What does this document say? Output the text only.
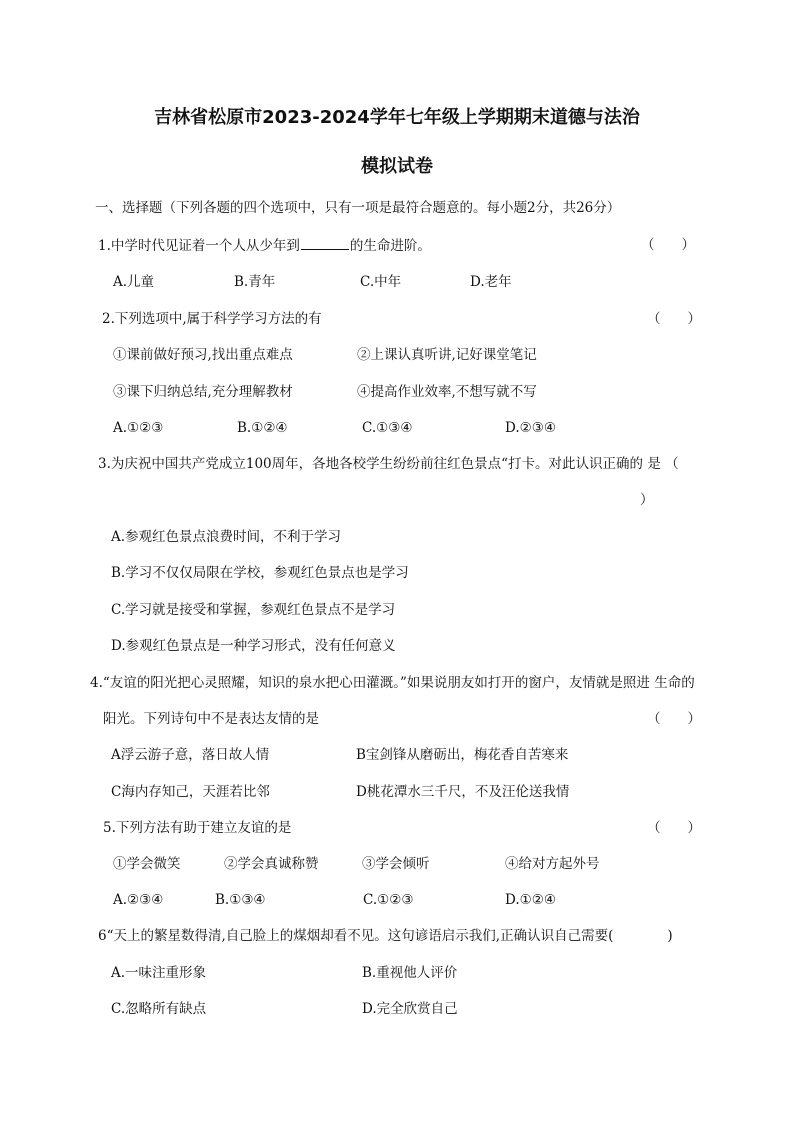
吉林省松原市2023-2024学年七年级上学期期末道德与法治
模拟试卷
一、选择题（下列各题的四个选项中，只有一项是最符合题意的。每小题2分，共26分）
1.中学时代见证着一个人从少年到	的生命进阶。	（　　）
A.儿童	B.青年	C.中年	D.老年
2.下列选项中,属于科学学习方法的有	（　　）
①课前做好预习,找出重点难点	②上课认真听讲,记好课堂笔记
③课下归纳总结,充分理解教材	④提高作业效率,不想写就不写
A.①②③	B.①②④	C.①③④	D.②③④
3.为庆祝中国共产党成立100周年，各地各校学生纷纷前往红色景点“打卡。对此认识正确的 是 （
）
A.参观红色景点浪费时间，不利于学习
B.学习不仅仅局限在学校，参观红色景点也是学习
C.学习就是接受和掌握，参观红色景点不是学习
D.参观红色景点是一种学习形式，没有任何意义
4.“友谊的阳光把心灵照耀，知识的泉水把心田灌溉。”如果说朋友如打开的窗户，友情就是照进 生命的
阳光。下列诗句中不是表达友情的是	（　　）
A浮云游子意，落日故人情	B宝剑锋从磨砺出，梅花香自苦寒来
C海内存知己，天涯若比邻	D桃花潭水三千尺，不及汪伦送我情
5.下列方法有助于建立友谊的是	（　　）
①学会微笑	②学会真诚称赞	③学会倾听	④给对方起外号
A.②③④	B.①③④	C.①②③	D.①②④
6“天上的繁星数得清,自己脸上的煤烟却看不见。这句谚语启示我们,正确认识自己需要(　　　　)
A.一味注重形象	B.重视他人评价
C.忽略所有缺点	D.完全欣赏自己
